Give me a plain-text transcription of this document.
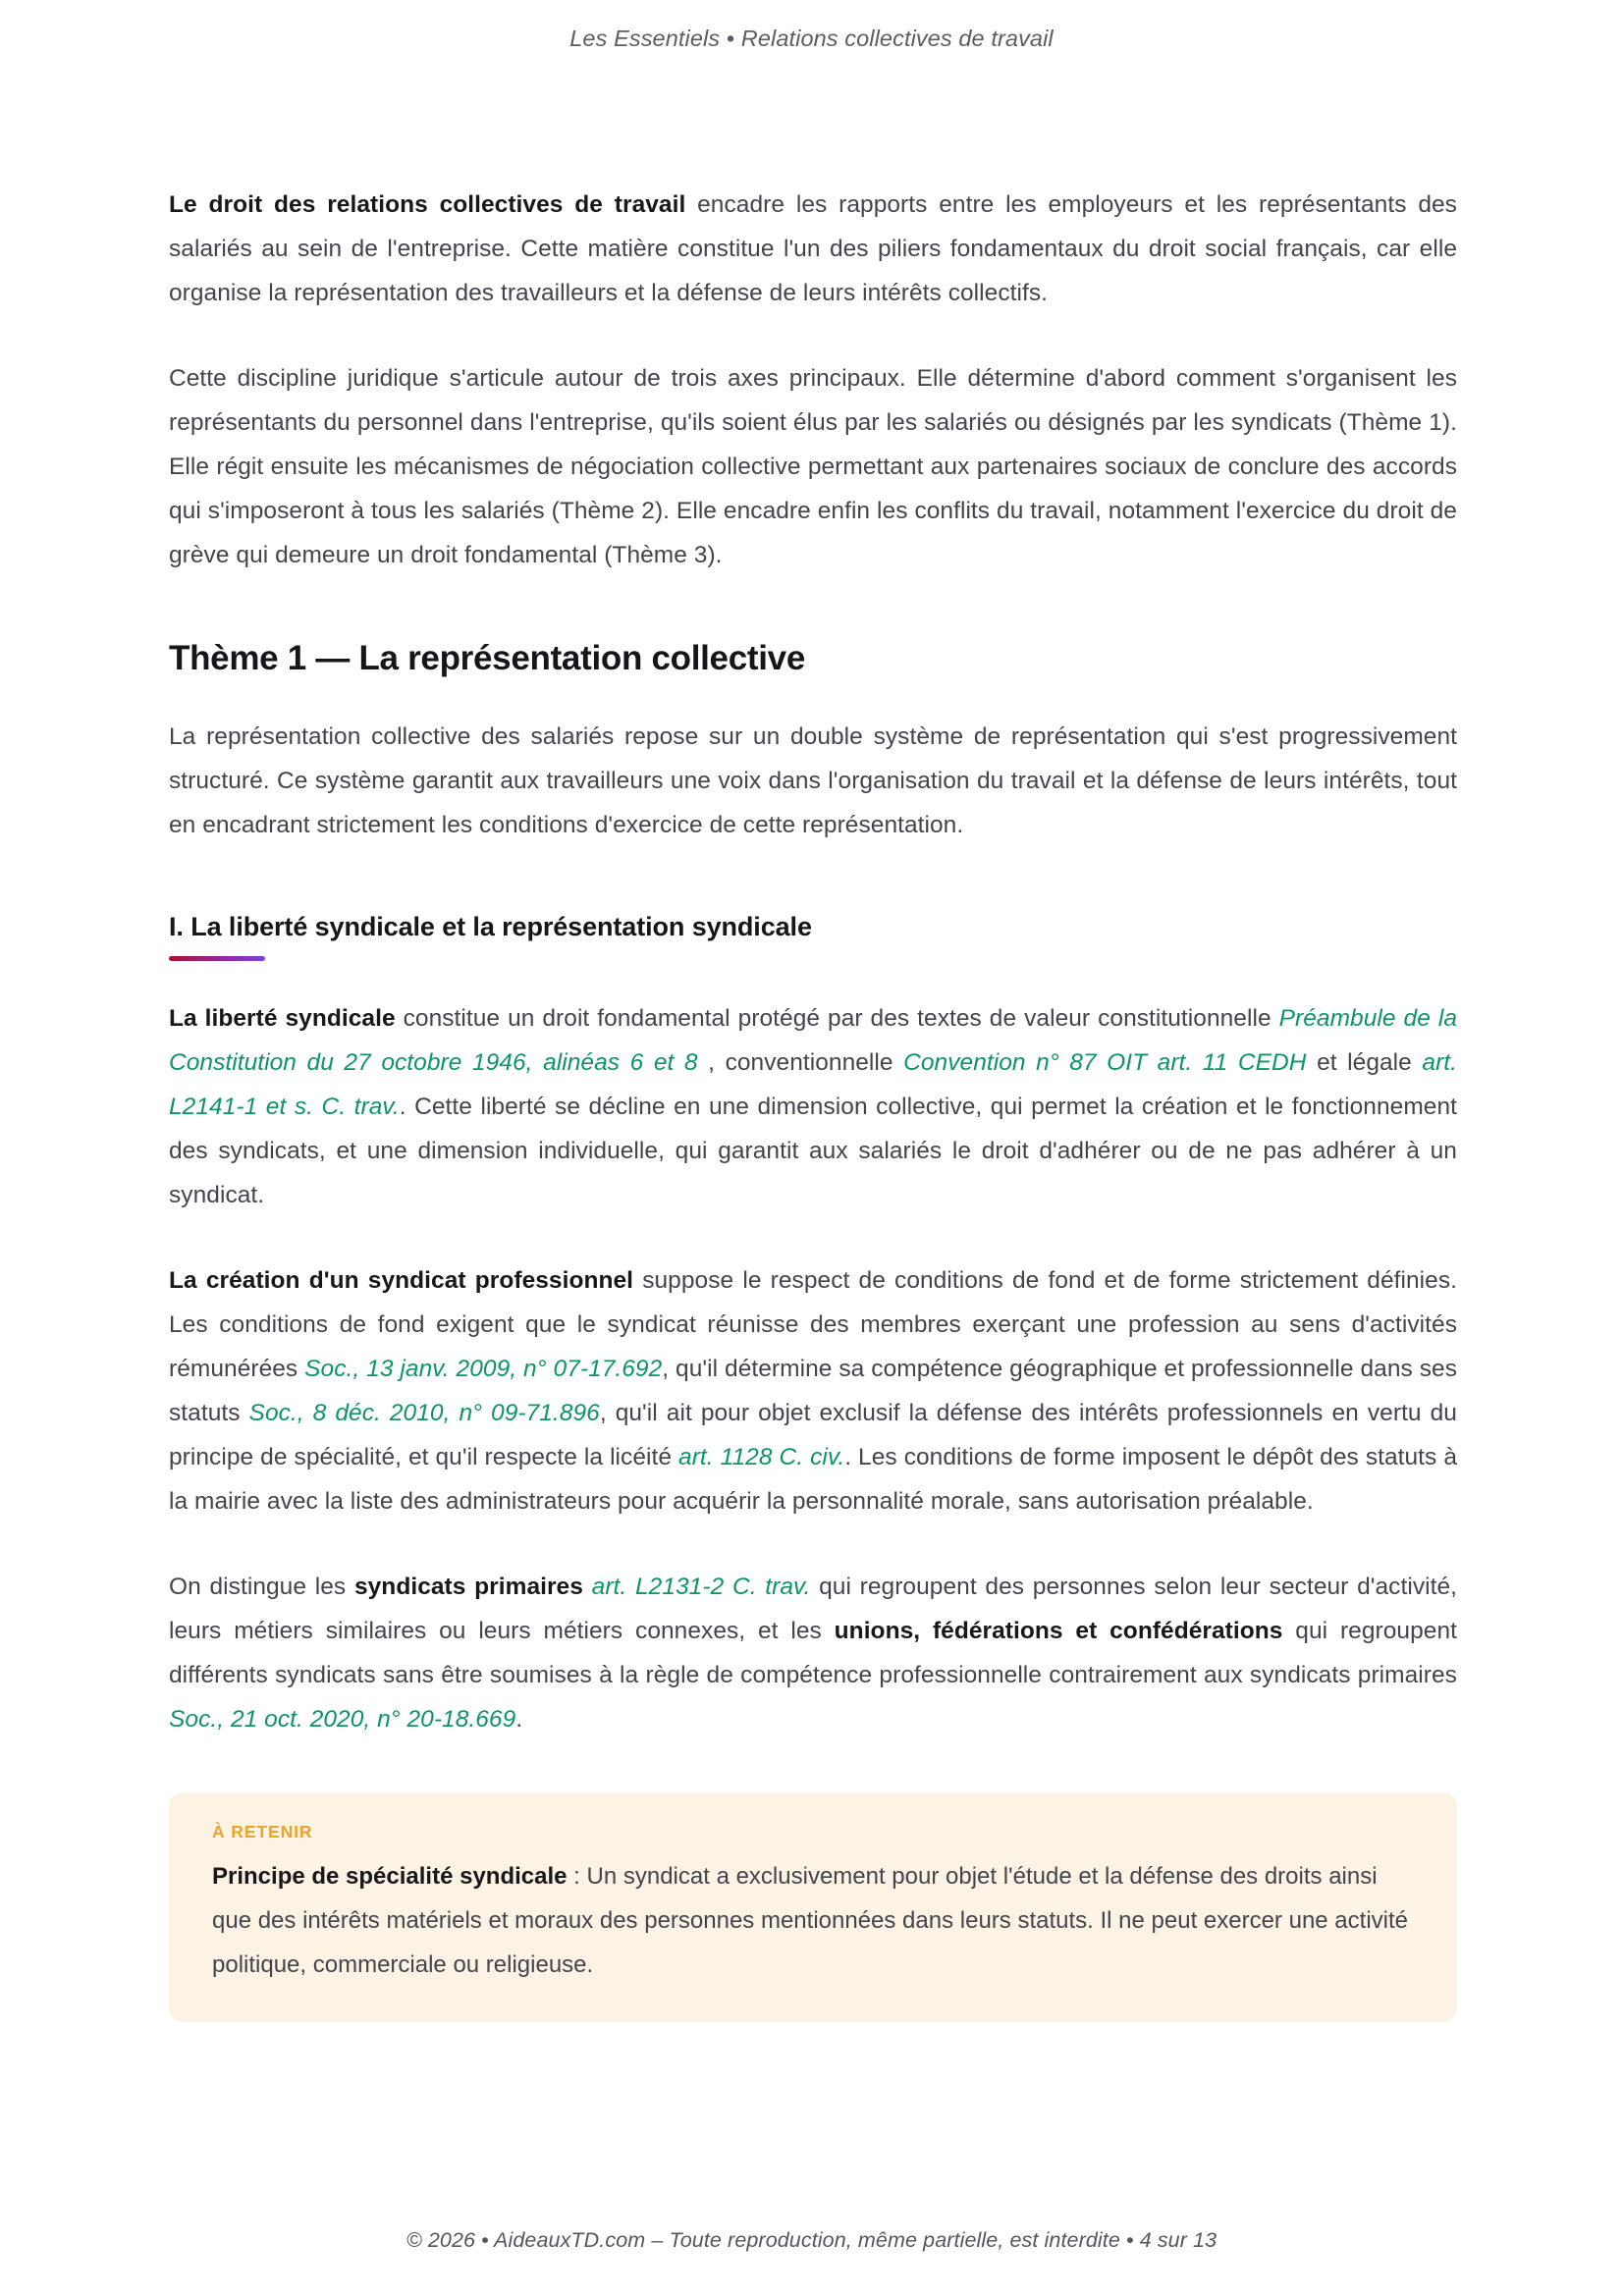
Les Essentiels • Relations collectives de travail

Le droit des relations collectives de travail encadre les rapports entre les employeurs et les représentants des salariés au sein de l'entreprise. Cette matière constitue l'un des piliers fondamentaux du droit social français, car elle organise la représentation des travailleurs et la défense de leurs intérêts collectifs.

Cette discipline juridique s'articule autour de trois axes principaux. Elle détermine d'abord comment s'organisent les représentants du personnel dans l'entreprise, qu'ils soient élus par les salariés ou désignés par les syndicats (Thème 1). Elle régit ensuite les mécanismes de négociation collective permettant aux partenaires sociaux de conclure des accords qui s'imposeront à tous les salariés (Thème 2). Elle encadre enfin les conflits du travail, notamment l'exercice du droit de grève qui demeure un droit fondamental (Thème 3).

Thème 1 — La représentation collective

La représentation collective des salariés repose sur un double système de représentation qui s'est progressivement structuré. Ce système garantit aux travailleurs une voix dans l'organisation du travail et la défense de leurs intérêts, tout en encadrant strictement les conditions d'exercice de cette représentation.

I. La liberté syndicale et la représentation syndicale

La liberté syndicale constitue un droit fondamental protégé par des textes de valeur constitutionnelle Préambule de la Constitution du 27 octobre 1946, alinéas 6 et 8 , conventionnelle Convention n° 87 OIT art. 11 CEDH et légale art. L2141-1 et s. C. trav.. Cette liberté se décline en une dimension collective, qui permet la création et le fonctionnement des syndicats, et une dimension individuelle, qui garantit aux salariés le droit d'adhérer ou de ne pas adhérer à un syndicat.

La création d'un syndicat professionnel suppose le respect de conditions de fond et de forme strictement définies. Les conditions de fond exigent que le syndicat réunisse des membres exerçant une profession au sens d'activités rémunérées Soc., 13 janv. 2009, n° 07-17.692, qu'il détermine sa compétence géographique et professionnelle dans ses statuts Soc., 8 déc. 2010, n° 09-71.896, qu'il ait pour objet exclusif la défense des intérêts professionnels en vertu du principe de spécialité, et qu'il respecte la licéité art. 1128 C. civ.. Les conditions de forme imposent le dépôt des statuts à la mairie avec la liste des administrateurs pour acquérir la personnalité morale, sans autorisation préalable.

On distingue les syndicats primaires art. L2131-2 C. trav. qui regroupent des personnes selon leur secteur d'activité, leurs métiers similaires ou leurs métiers connexes, et les unions, fédérations et confédérations qui regroupent différents syndicats sans être soumises à la règle de compétence professionnelle contrairement aux syndicats primaires Soc., 21 oct. 2020, n° 20-18.669.

À RETENIR

Principe de spécialité syndicale : Un syndicat a exclusivement pour objet l'étude et la défense des droits ainsi que des intérêts matériels et moraux des personnes mentionnées dans leurs statuts. Il ne peut exercer une activité politique, commerciale ou religieuse.

© 2026 • AideauxTD.com – Toute reproduction, même partielle, est interdite • 4 sur 13
